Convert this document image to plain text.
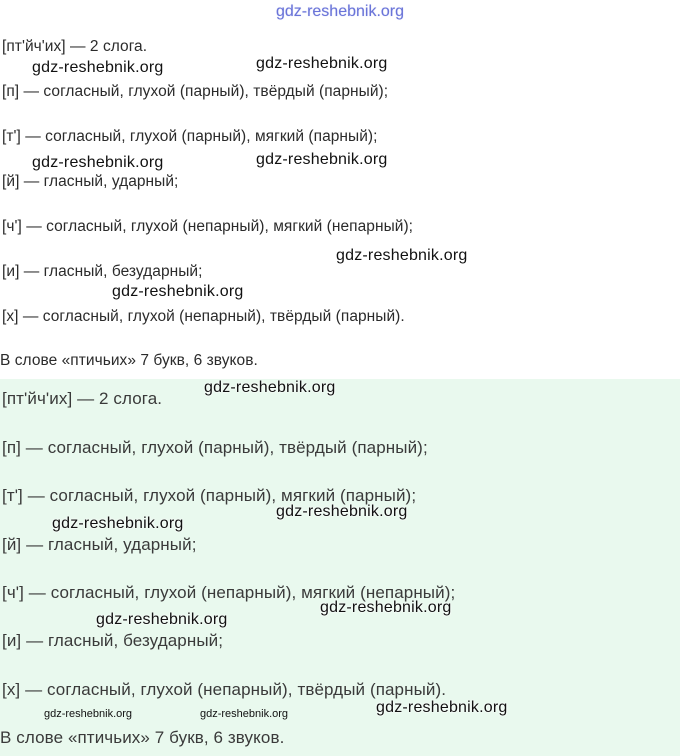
gdz-reshebnik.org
[пт'йч'их] — 2 слога.
[п] — согласный, глухой (парный), твёрдый (парный);
[т'] — согласный, глухой (парный), мягкий (парный);
[й] — гласный, ударный;
[ч'] — согласный, глухой (непарный), мягкий (непарный);
[и] — гласный, безударный;
[х] — согласный, глухой (непарный), твёрдый (парный).
В слове «птичьих» 7 букв, 6 звуков.
[пт'йч'их] — 2 слога.
[п] — согласный, глухой (парный), твёрдый (парный);
[т'] — согласный, глухой (парный), мягкий (парный);
[й] — гласный, ударный;
[ч'] — согласный, глухой (непарный), мягкий (непарный);
[и] — гласный, безударный;
[х] — согласный, глухой (непарный), твёрдый (парный).
В слове «птичьих» 7 букв, 6 звуков.
gdz-reshebnik.org	gdz-reshebnik.org
gdz-reshebnik.org	gdz-reshebnik.org
gdz-reshebnik.org
gdz-reshebnik.org
gdz-reshebnik.org
gdz-reshebnik.org
gdz-reshebnik.org
gdz-reshebnik.org
gdz-reshebnik.org
gdz-reshebnik.org
gdz-reshebnik.org	gdz-reshebnik.org
